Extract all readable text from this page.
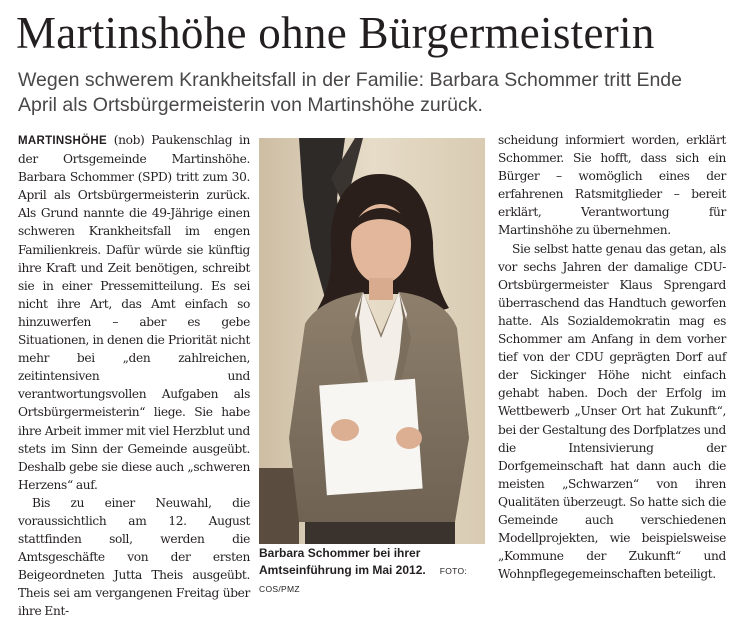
Martinshöhe ohne Bürgermeisterin
Wegen schwerem Krankheitsfall in der Familie: Barbara Schommer tritt Ende April als Ortsbürgermeisterin von Martinshöhe zurück.

MARTINSHÖHE (nob) Paukenschlag in der Ortsgemeinde Martinshöhe. Barbara Schommer (SPD) tritt zum 30. April als Ortsbürgermeisterin zurück. Als Grund nannte die 49-Jährige einen schweren Krankheitsfall im engen Familienkreis. Dafür würde sie künftig ihre Kraft und Zeit benötigen, schreibt sie in einer Pressemitteilung. Es sei nicht ihre Art, das Amt einfach so hinzuwerfen – aber es gebe Situationen, in denen die Priorität nicht mehr bei „den zahlreichen, zeitintensiven und verantwortungsvollen Aufgaben als Ortsbürgermeisterin“ liege. Sie habe ihre Arbeit immer mit viel Herzblut und stets im Sinn der Gemeinde ausgeübt. Deshalb gebe sie diese auch „schweren Herzens“ auf.

Bis zu einer Neuwahl, die voraussichtlich am 12. August stattfinden soll, werden die Amtsgeschäfte von der ersten Beigeordneten Jutta Theis ausgeübt. Theis sei am vergangenen Freitag über ihre Ent-

Barbara Schommer bei ihrer Amtseinführung im Mai 2012. FOTO: COS/PMZ

scheidung informiert worden, erklärt Schommer. Sie hofft, dass sich ein Bürger – womöglich eines der erfahrenen Ratsmitglieder – bereit erklärt, Verantwortung für Martinshöhe zu übernehmen.

Sie selbst hatte genau das getan, als vor sechs Jahren der damalige CDU-Ortsbürgermeister Klaus Sprengard überraschend das Handtuch geworfen hatte. Als Sozialdemokratin mag es Schommer am Anfang in dem vorher tief von der CDU geprägten Dorf auf der Sickinger Höhe nicht einfach gehabt haben. Doch der Erfolg im Wettbewerb „Unser Ort hat Zukunft“, bei der Gestaltung des Dorfplatzes und die Intensivierung der Dorfgemeinschaft hat dann auch die meisten „Schwarzen“ von ihren Qualitäten überzeugt. So hatte sich die Gemeinde auch verschiedenen Modellprojekten, wie beispielsweise „Kommune der Zukunft“ und Wohnpflegegemeinschaften beteiligt.
